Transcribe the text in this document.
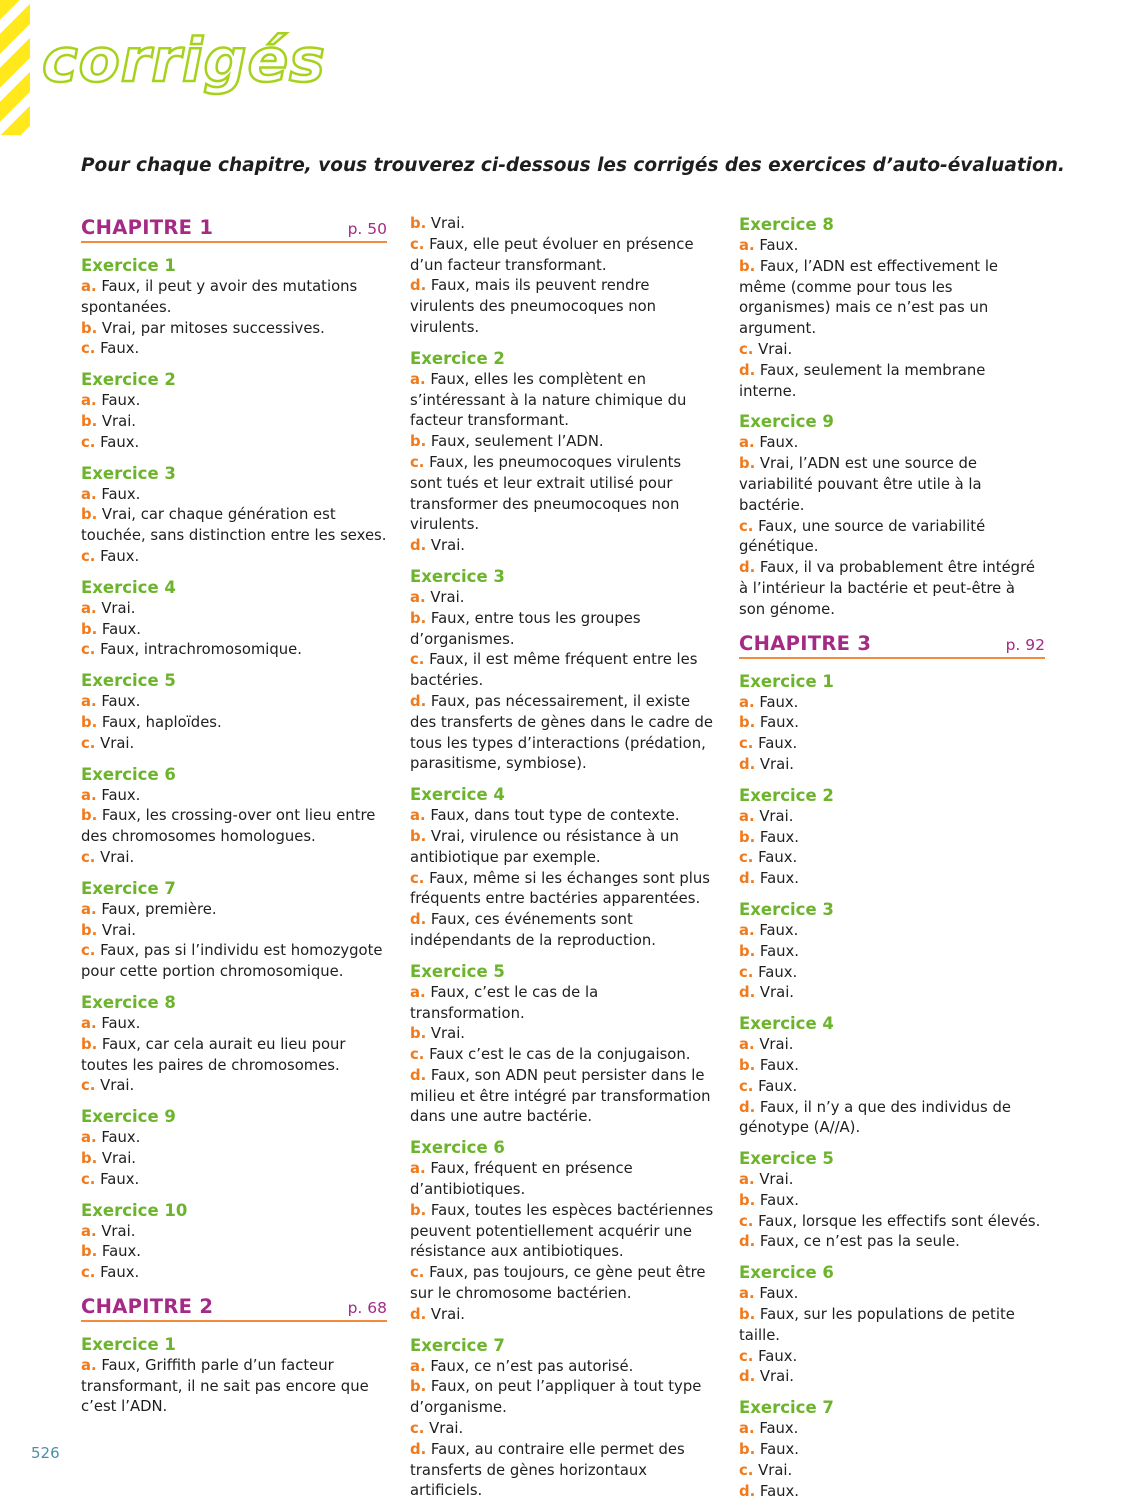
corrigés

Pour chaque chapitre, vous trouverez ci-dessous les corrigés des exercices d’auto-évaluation.

CHAPITRE 1	p. 50
Exercice 1
a. Faux, il peut y avoir des mutations spontanées.
b. Vrai, par mitoses successives.
c. Faux.
Exercice 2
a. Faux.
b. Vrai.
c. Faux.
Exercice 3
a. Faux.
b. Vrai, car chaque génération est touchée, sans distinction entre les sexes.
c. Faux.
Exercice 4
a. Vrai.
b. Faux.
c. Faux, intrachromosomique.
Exercice 5
a. Faux.
b. Faux, haploïdes.
c. Vrai.
Exercice 6
a. Faux.
b. Faux, les crossing-over ont lieu entre des chromosomes homologues.
c. Vrai.
Exercice 7
a. Faux, première.
b. Vrai.
c. Faux, pas si l’individu est homozygote pour cette portion chromosomique.
Exercice 8
a. Faux.
b. Faux, car cela aurait eu lieu pour toutes les paires de chromosomes.
c. Vrai.
Exercice 9
a. Faux.
b. Vrai.
c. Faux.
Exercice 10
a. Vrai.
b. Faux.
c. Faux.
CHAPITRE 2	p. 68
Exercice 1
a. Faux, Griffith parle d’un facteur transformant, il ne sait pas encore que c’est l’ADN.
b. Vrai.
c. Faux, elle peut évoluer en présence d’un facteur transformant.
d. Faux, mais ils peuvent rendre virulents des pneumocoques non virulents.
Exercice 2
a. Faux, elles les complètent en s’intéressant à la nature chimique du facteur transformant.
b. Faux, seulement l’ADN.
c. Faux, les pneumocoques virulents sont tués et leur extrait utilisé pour transformer des pneumocoques non virulents.
d. Vrai.
Exercice 3
a. Vrai.
b. Faux, entre tous les groupes d’organismes.
c. Faux, il est même fréquent entre les bactéries.
d. Faux, pas nécessairement, il existe des transferts de gènes dans le cadre de tous les types d’interactions (prédation, parasitisme, symbiose).
Exercice 4
a. Faux, dans tout type de contexte.
b. Vrai, virulence ou résistance à un antibiotique par exemple.
c. Faux, même si les échanges sont plus fréquents entre bactéries apparentées.
d. Faux, ces événements sont indépendants de la reproduction.
Exercice 5
a. Faux, c’est le cas de la transformation.
b. Vrai.
c. Faux c’est le cas de la conjugaison.
d. Faux, son ADN peut persister dans le milieu et être intégré par transformation dans une autre bactérie.
Exercice 6
a. Faux, fréquent en présence d’antibiotiques.
b. Faux, toutes les espèces bactériennes peuvent potentiellement acquérir une résistance aux antibiotiques.
c. Faux, pas toujours, ce gène peut être sur le chromosome bactérien.
d. Vrai.
Exercice 7
a. Faux, ce n’est pas autorisé.
b. Faux, on peut l’appliquer à tout type d’organisme.
c. Vrai.
d. Faux, au contraire elle permet des transferts de gènes horizontaux artificiels.
Exercice 8
a. Faux.
b. Faux, l’ADN est effectivement le même (comme pour tous les organismes) mais ce n’est pas un argument.
c. Vrai.
d. Faux, seulement la membrane interne.
Exercice 9
a. Faux.
b. Vrai, l’ADN est une source de variabilité pouvant être utile à la bactérie.
c. Faux, une source de variabilité génétique.
d. Faux, il va probablement être intégré à l’intérieur la bactérie et peut-être à son génome.
CHAPITRE 3	p. 92
Exercice 1
a. Faux.
b. Faux.
c. Faux.
d. Vrai.
Exercice 2
a. Vrai.
b. Faux.
c. Faux.
d. Faux.
Exercice 3
a. Faux.
b. Faux.
c. Faux.
d. Vrai.
Exercice 4
a. Vrai.
b. Faux.
c. Faux.
d. Faux, il n’y a que des individus de génotype (A//A).
Exercice 5
a. Vrai.
b. Faux.
c. Faux, lorsque les effectifs sont élevés.
d. Faux, ce n’est pas la seule.
Exercice 6
a. Faux.
b. Faux, sur les populations de petite taille.
c. Faux.
d. Vrai.
Exercice 7
a. Faux.
b. Faux.
c. Vrai.
d. Faux.
526
